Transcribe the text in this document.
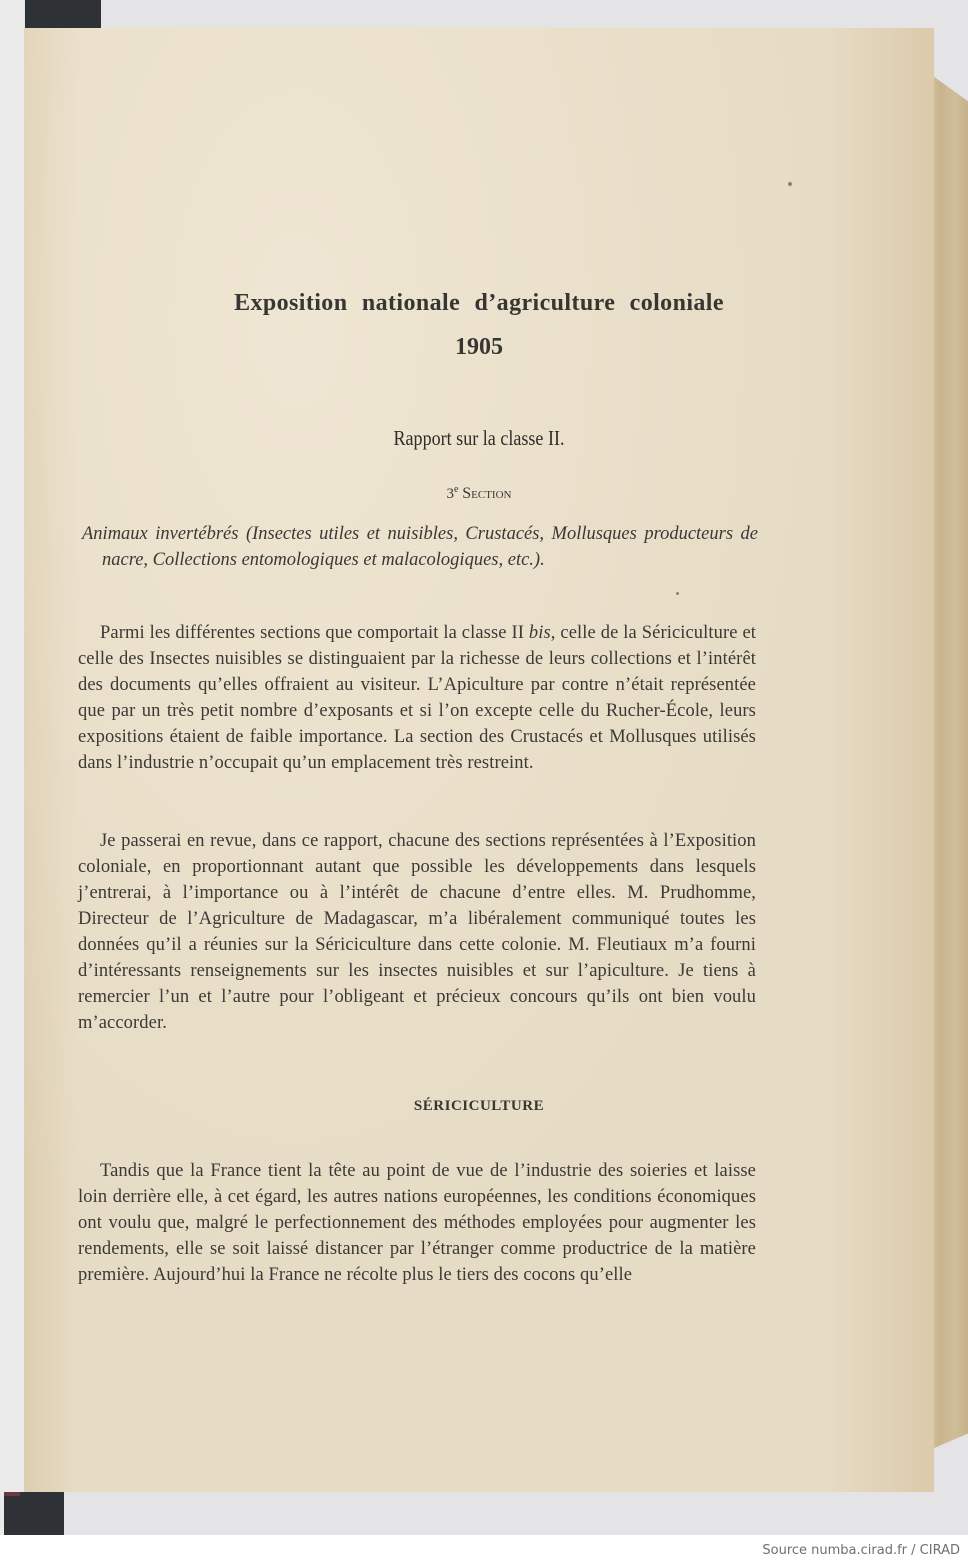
Exposition nationale d’agriculture coloniale
1905
Rapport sur la classe II.
3e Section
Animaux invertébrés (Insectes utiles et nuisibles, Crustacés, Mollusques producteurs de nacre, Collections entomologiques et malacologiques, etc.).
Parmi les différentes sections que comportait la classe II bis, celle de la Sériciculture et celle des Insectes nuisibles se distinguaient par la richesse de leurs collections et l’intérêt des documents qu’elles offraient au visiteur. L’Apiculture par contre n’était représentée que par un très petit nombre d’exposants et si l’on excepte celle du Rucher-École, leurs expositions étaient de faible importance. La section des Crustacés et Mollusques utilisés dans l’industrie n’occupait qu’un emplacement très restreint.
Je passerai en revue, dans ce rapport, chacune des sections représentées à l’Exposition coloniale, en proportionnant autant que possible les développements dans lesquels j’entrerai, à l’importance ou à l’intérêt de chacune d’entre elles. M. Prudhomme, Directeur de l’Agriculture de Madagascar, m’a libéralement communiqué toutes les données qu’il a réunies sur la Sériciculture dans cette colonie. M. Fleutiaux m’a fourni d’intéressants renseignements sur les insectes nuisibles et sur l’apiculture. Je tiens à remercier l’un et l’autre pour l’obligeant et précieux concours qu’ils ont bien voulu m’accorder.
SÉRICICULTURE
Tandis que la France tient la tête au point de vue de l’industrie des soieries et laisse loin derrière elle, à cet égard, les autres nations européennes, les conditions économiques ont voulu que, malgré le perfectionnement des méthodes employées pour augmenter les rendements, elle se soit laissé distancer par l’étranger comme productrice de la matière première. Aujourd’hui la France ne récolte plus le tiers des cocons qu’elle
Source numba.cirad.fr / CIRAD
